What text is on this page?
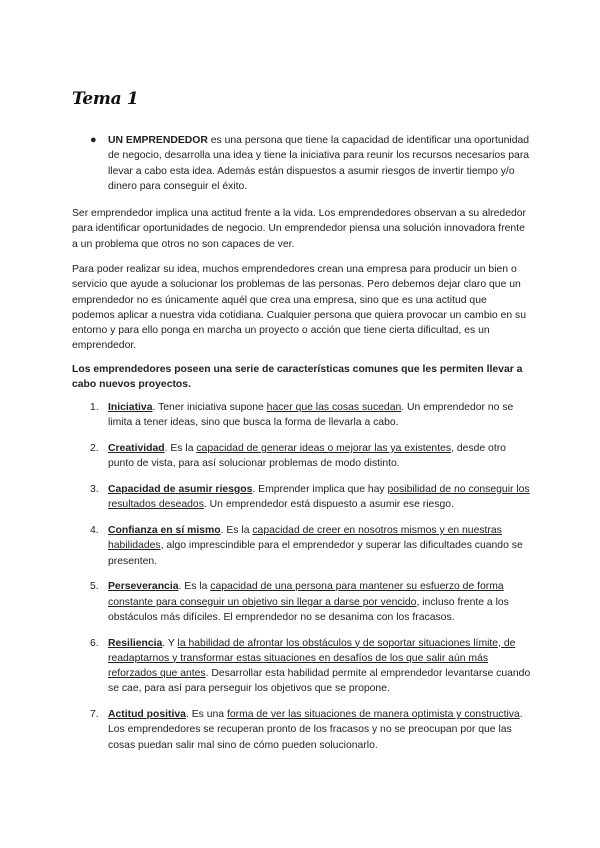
Tema 1
● UN EMPRENDEDOR es una persona que tiene la capacidad de identificar una oportunidad de negocio, desarrolla una idea y tiene la iniciativa para reunir los recursos necesarios para llevar a cabo esta idea. Además están dispuestos a asumir riesgos de invertir tiempo y/o dinero para conseguir el éxito.
Ser emprendedor implica una actitud frente a la vida. Los emprendedores observan a su alrededor para identificar oportunidades de negocio. Un emprendedor piensa una solución innovadora frente a un problema que otros no son capaces de ver.
Para poder realizar su idea, muchos emprendedores crean una empresa para producir un bien o servicio que ayude a solucionar los problemas de las personas. Pero debemos dejar claro que un emprendedor no es únicamente aquél que crea una empresa, sino que es una actitud que podemos aplicar a nuestra vida cotidiana. Cualquier persona que quiera provocar un cambio en su entorno y para ello ponga en marcha un proyecto o acción que tiene cierta dificultad, es un emprendedor.
Los emprendedores poseen una serie de características comunes que les permiten llevar a cabo nuevos proyectos.
1. Iniciativa. Tener iniciativa supone hacer que las cosas sucedan. Un emprendedor no se limita a tener ideas, sino que busca la forma de llevarla a cabo.
2. Creatividad. Es la capacidad de generar ideas o mejorar las ya existentes, desde otro punto de vista, para así solucionar problemas de modo distinto.
3. Capacidad de asumir riesgos. Emprender implica que hay posibilidad de no conseguir los resultados deseados. Un emprendedor está dispuesto a asumir ese riesgo.
4. Confianza en sí mismo. Es la capacidad de creer en nosotros mismos y en nuestras habilidades, algo imprescindible para el emprendedor y superar las dificultades cuando se presenten.
5. Perseverancia. Es la capacidad de una persona para mantener su esfuerzo de forma constante para conseguir un objetivo sin llegar a darse por vencido, incluso frente a los obstáculos más difíciles. El emprendedor no se desanima con los fracasos.
6. Resiliencia. Y la habilidad de afrontar los obstáculos y de soportar situaciones límite, de readaptarnos y transformar estas situaciones en desafíos de los que salir aún más reforzados que antes. Desarrollar esta habilidad permite al emprendedor levantarse cuando se cae, para así para perseguir los objetivos que se propone.
7. Actitud positiva. Es una forma de ver las situaciones de manera optimista y constructiva. Los emprendedores se recuperan pronto de los fracasos y no se preocupan por que las cosas puedan salir mal sino de cómo pueden solucionarlo.
